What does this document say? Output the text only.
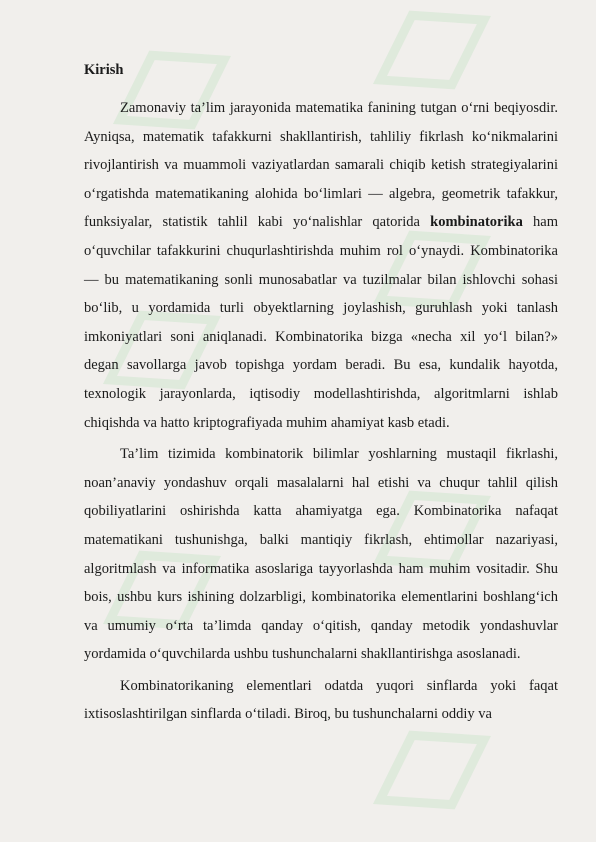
Kirish

Zamonaviy ta’lim jarayonida matematika fanining tutgan o‘rni beqiyosdir. Ayniqsa, matematik tafakkurni shakllantirish, tahliliy fikrlash ko‘nikmalarini rivojlantirish va muammoli vaziyatlardan samarali chiqib ketish strategiyalarini o‘rgatishda matematikaning alohida bo‘limlari — algebra, geometrik tafakkur, funksiyalar, statistik tahlil kabi yo‘nalishlar qatorida kombinatorika ham o‘quvchilar tafakkurini chuqurlashtirishda muhim rol o‘ynaydi. Kombinatorika — bu matematikaning sonli munosabatlar va tuzilmalar bilan ishlovchi sohasi bo‘lib, u yordamida turli obyektlarning joylashish, guruhlash yoki tanlash imkoniyatlari soni aniqlanadi. Kombinatorika bizga «necha xil yo‘l bilan?» degan savollarga javob topishga yordam beradi. Bu esa, kundalik hayotda, texnologik jarayonlarda, iqtisodiy modellashtirishda, algoritmlarni ishlab chiqishda va hatto kriptografiyada muhim ahamiyat kasb etadi.

Ta’lim tizimida kombinatorik bilimlar yoshlarning mustaqil fikrlashi, noan’anaviy yondashuv orqali masalalarni hal etishi va chuqur tahlil qilish qobiliyatlarini oshirishda katta ahamiyatga ega. Kombinatorika nafaqat matematikani tushunishga, balki mantiqiy fikrlash, ehtimollar nazariyasi, algoritmlash va informatika asoslariga tayyorlashda ham muhim vositadir. Shu bois, ushbu kurs ishining dolzarbligi, kombinatorika elementlarini boshlang‘ich va umumiy o‘rta ta’limda qanday o‘qitish, qanday metodik yondashuvlar yordamida o‘quvchilarda ushbu tushunchalarni shakllantirishga asoslanadi.

Kombinatorikaning elementlari odatda yuqori sinflarda yoki faqat ixtisoslashtirilgan sinflarda o‘tiladi. Biroq, bu tushunchalarni oddiy va
